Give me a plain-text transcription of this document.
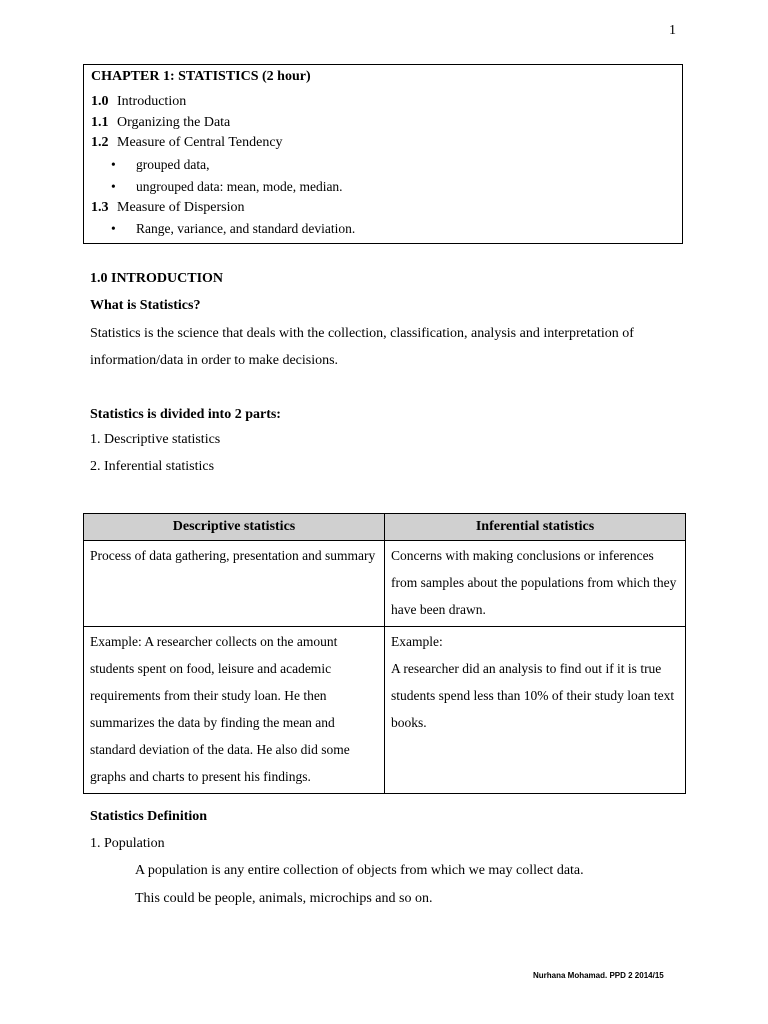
1
CHAPTER 1: STATISTICS (2 hour)
1.0 Introduction
1.1 Organizing the Data
1.2 Measure of Central Tendency
• grouped data,
• ungrouped data: mean, mode, median.
1.3 Measure of Dispersion
• Range, variance, and standard deviation.
1.0 INTRODUCTION
What is Statistics?
Statistics is the science that deals with the collection, classification, analysis and interpretation of information/data in order to make decisions.
Statistics is divided into 2 parts:
1. Descriptive statistics
2. Inferential statistics
Descriptive statistics	Inferential statistics
Process of data gathering, presentation and summary	Concerns with making conclusions or inferences from samples about the populations from which they have been drawn.
Example: A researcher collects on the amount students spent on food, leisure and academic requirements from their study loan. He then summarizes the data by finding the mean and standard deviation of the data. He also did some graphs and charts to present his findings.	Example:
A researcher did an analysis to find out if it is true students spend less than 10% of their study loan text books.
Statistics Definition
1. Population
A population is any entire collection of objects from which we may collect data.
This could be people, animals, microchips and so on.
Nurhana Mohamad. PPD 2 2014/15
